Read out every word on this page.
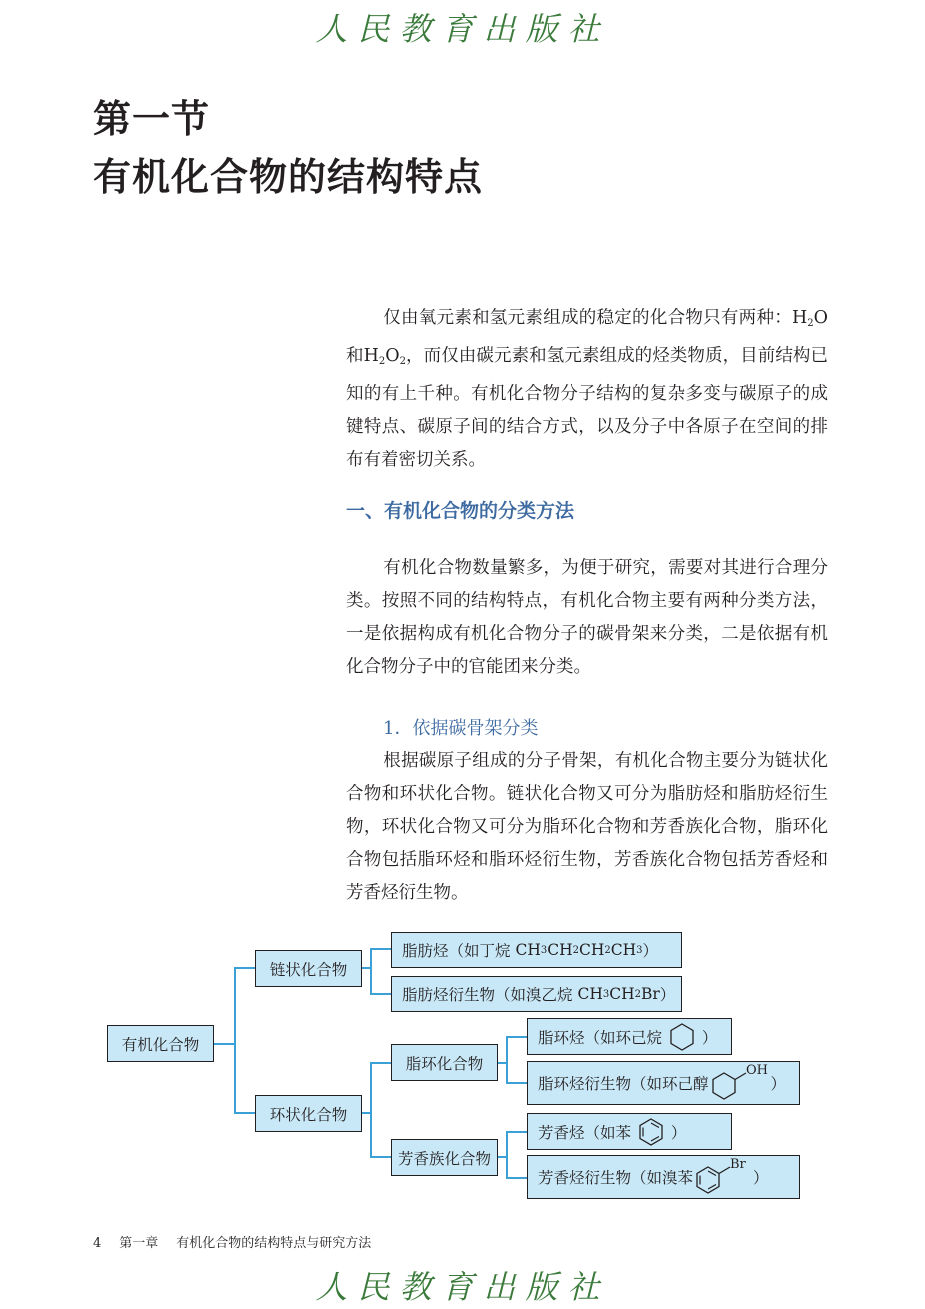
人民教育出版社
第一节
有机化合物的结构特点
仅由氧元素和氢元素组成的稳定的化合物只有两种：$H_2O$和$H_2O_2$，而仅由碳元素和氢元素组成的烃类物质，目前结构已知的有上千种。有机化合物分子结构的复杂多变与碳原子的成键特点、碳原子间的结合方式，以及分子中各原子在空间的排布有着密切关系。
一、有机化合物的分类方法
有机化合物数量繁多，为便于研究，需要对其进行合理分类。按照不同的结构特点，有机化合物主要有两种分类方法，一是依据构成有机化合物分子的碳骨架来分类，二是依据有机化合物分子中的官能团来分类。
1．依据碳骨架分类
根据碳原子组成的分子骨架，有机化合物主要分为链状化合物和环状化合物。链状化合物又可分为脂肪烃和脂肪烃衍生物，环状化合物又可分为脂环化合物和芳香族化合物，脂环化合物包括脂环烃和脂环烃衍生物，芳香族化合物包括芳香烃和芳香烃衍生物。
有机化合物
链状化合物
环状化合物
脂肪烃（如丁烷
CH 3 CH 2 CH 2 CH 3 ）
脂肪烃衍生物（如溴乙烷
CH 3 CH 2 Br ）
脂环化合物
芳香族化合物
脂环烃（如环己烷

	）
脂环烃衍生物（如环己醇
OH
）
芳香烃（如苯

	）
芳香烃衍生物（如溴苯
Br
）
4 第一章 有机化合物的结构特点与研究方法
人民教育出版社
